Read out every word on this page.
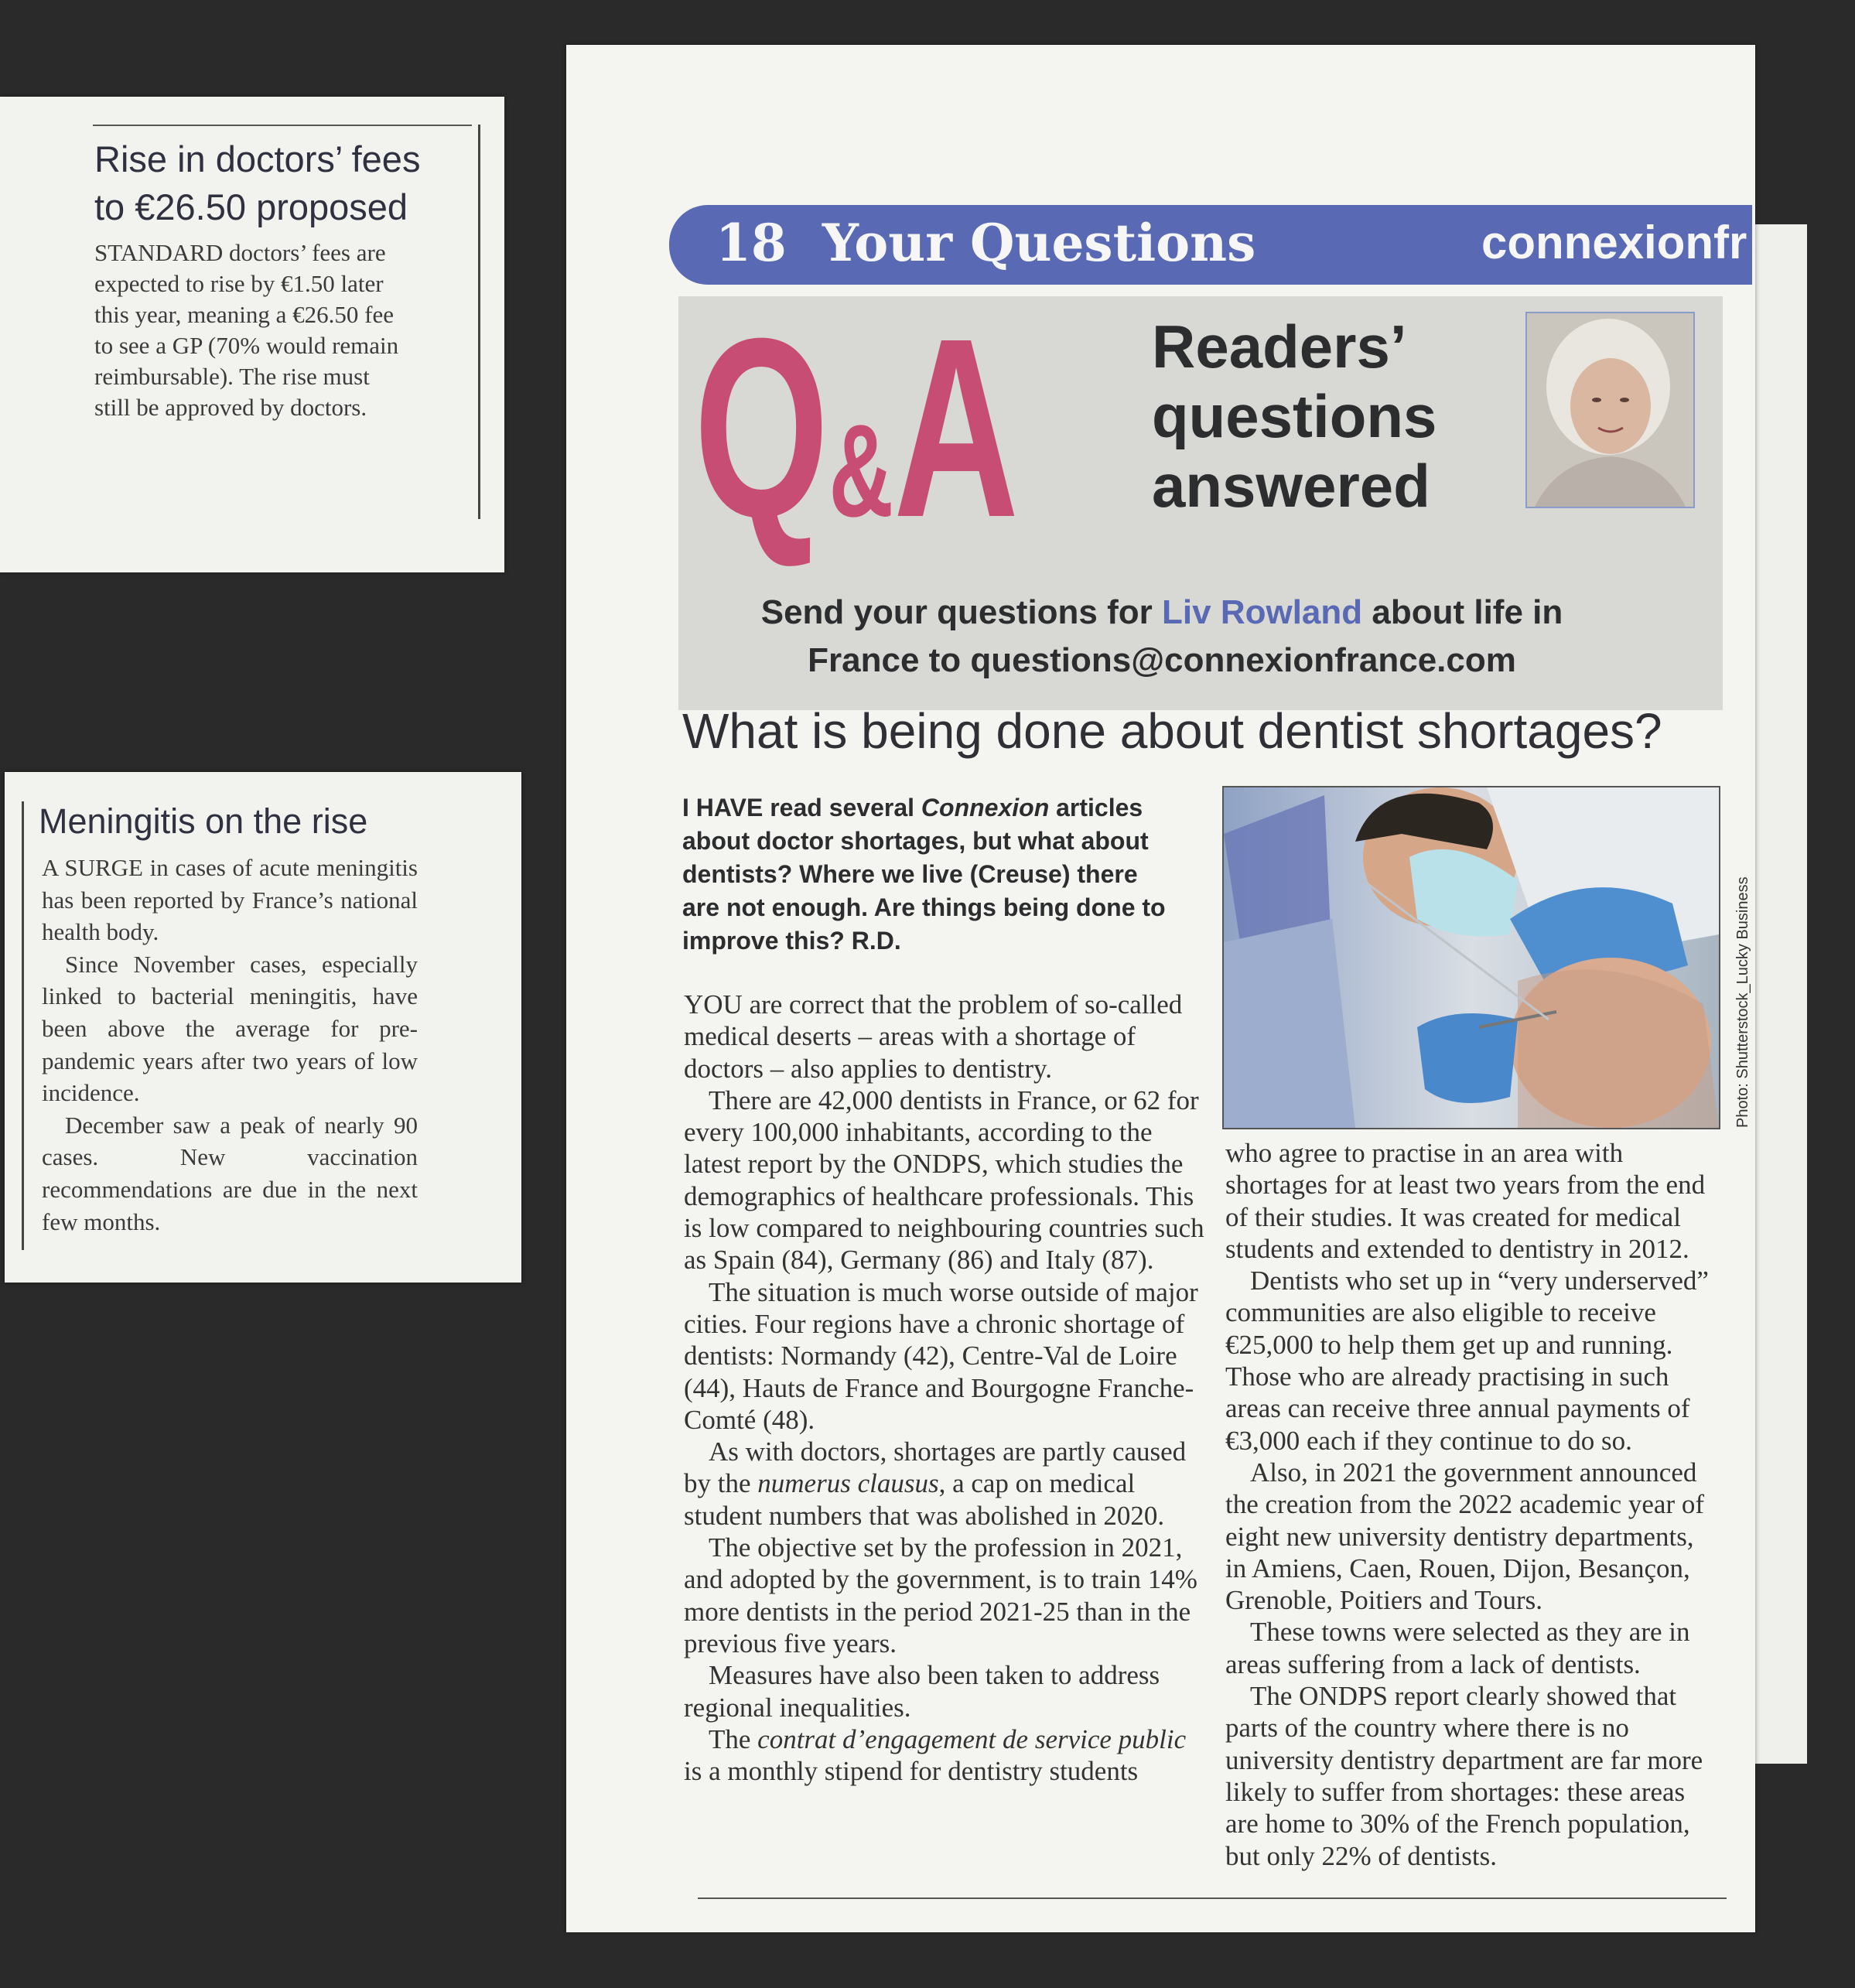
Rise in doctors’ fees
to €26.50 proposed

STANDARD doctors’ fees are
expected to rise by €1.50 later
this year, meaning a €26.50 fee
to see a GP (70% would remain
reimbursable). The rise must
still be approved by doctors.

Meningitis on the rise

A SURGE in cases of acute meningitis has been reported by France’s national health body.

Since November cases, especially linked to bacterial meningitis, have been above the average for pre-pandemic years after two years of low incidence.

December saw a peak of nearly 90 cases. New vaccination recommendations are due in the next few months.

18 Your Questions	connexionfr
Q&A	Readers’
questions
answered
Send your questions for Liv Rowland about life in
France to questions@connexionfrance.com
What is being done about dentist shortages?
I HAVE read several Connexion articles about doctor shortages, but what about dentists? Where we live (Creuse) there are not enough. Are things being done to improve this? R.D.	Photo: Shutterstock_Lucky Business

YOU are correct that the problem of so-called medical deserts – areas with a shortage of doctors – also applies to dentistry.

There are 42,000 dentists in France, or 62 for every 100,000 inhabitants, according to the latest report by the ONDPS, which studies the demographics of healthcare professionals. This is low compared to neighbouring countries such as Spain (84), Germany (86) and Italy (87).

The situation is much worse outside of major cities. Four regions have a chronic shortage of dentists: Normandy (42), Centre-Val de Loire (44), Hauts de France and Bourgogne Franche-Comté (48).

As with doctors, shortages are partly caused by the numerus clausus, a cap on medical student numbers that was abolished in 2020.

The objective set by the profession in 2021, and adopted by the government, is to train 14% more dentists in the period 2021-25 than in the previous five years.

Measures have also been taken to address regional inequalities.

The contrat d’engagement de service public is a monthly stipend for dentistry students

who agree to practise in an area with shortages for at least two years from the end of their studies. It was created for medical students and extended to dentistry in 2012.

Dentists who set up in “very underserved” communities are also eligible to receive €25,000 to help them get up and running. Those who are already practising in such areas can receive three annual payments of €3,000 each if they continue to do so.

Also, in 2021 the government announced the creation from the 2022 academic year of eight new university dentistry departments, in Amiens, Caen, Rouen, Dijon, Besançon, Grenoble, Poitiers and Tours.

These towns were selected as they are in areas suffering from a lack of dentists.

The ONDPS report clearly showed that parts of the country where there is no university dentistry department are far more likely to suffer from shortages: these areas are home to 30% of the French population, but only 22% of dentists.
